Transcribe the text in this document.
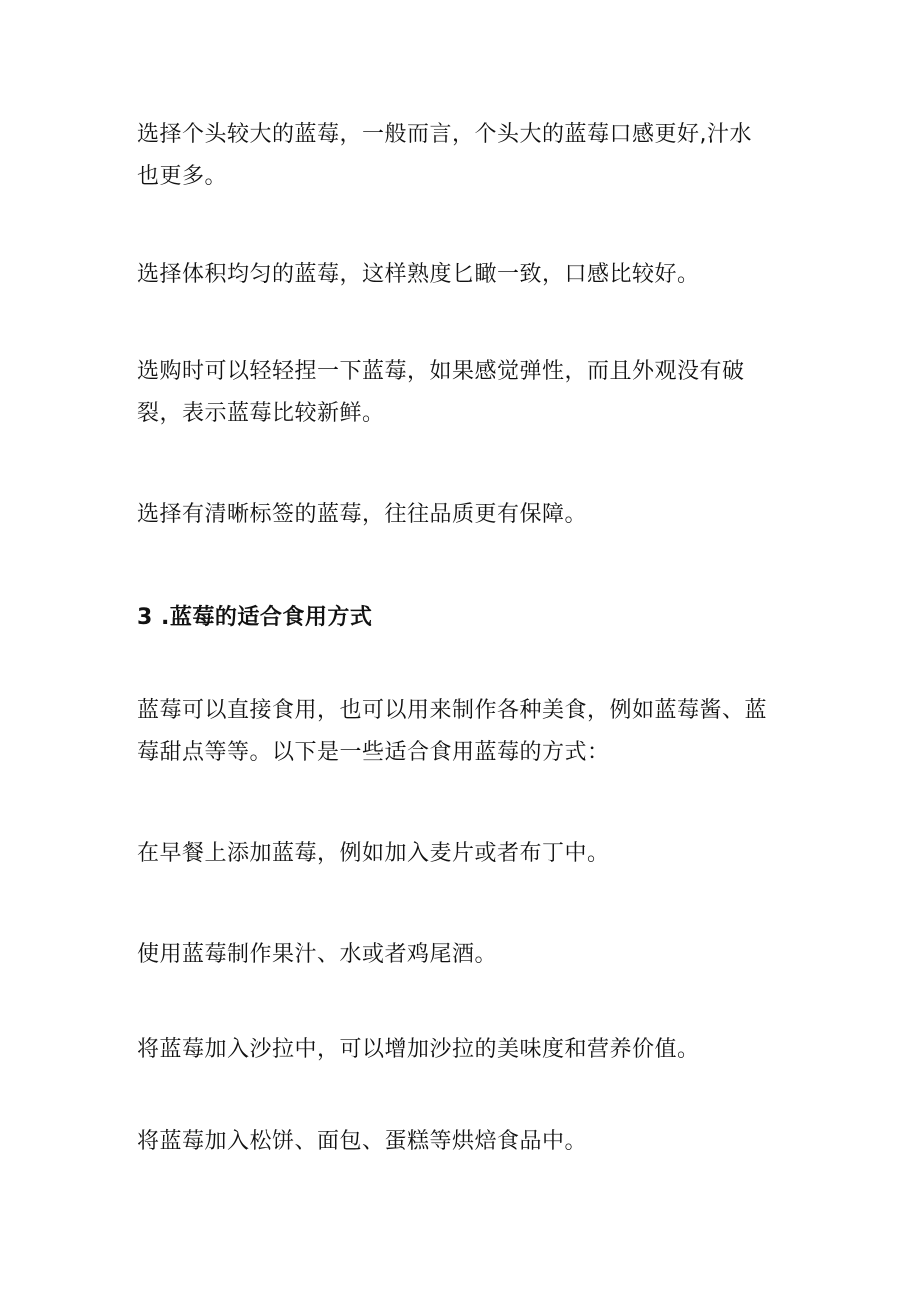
选择个头较大的蓝莓，一般而言，个头大的蓝莓口感更好,汁水
也更多。

选择体积均匀的蓝莓，这样熟度匕瞰一致，口感比较好。

选购时可以轻轻捏一下蓝莓，如果感觉弹性，而且外观没有破
裂，表示蓝莓比较新鲜。

选择有清晰标签的蓝莓，往往品质更有保障。

3 .蓝莓的适合食用方式

蓝莓可以直接食用，也可以用来制作各种美食，例如蓝莓酱、蓝
莓甜点等等。以下是一些适合食用蓝莓的方式：

在早餐上添加蓝莓，例如加入麦片或者布丁中。

使用蓝莓制作果汁、水或者鸡尾酒。

将蓝莓加入沙拉中，可以增加沙拉的美味度和营养价值。

将蓝莓加入松饼、面包、蛋糕等烘焙食品中。
